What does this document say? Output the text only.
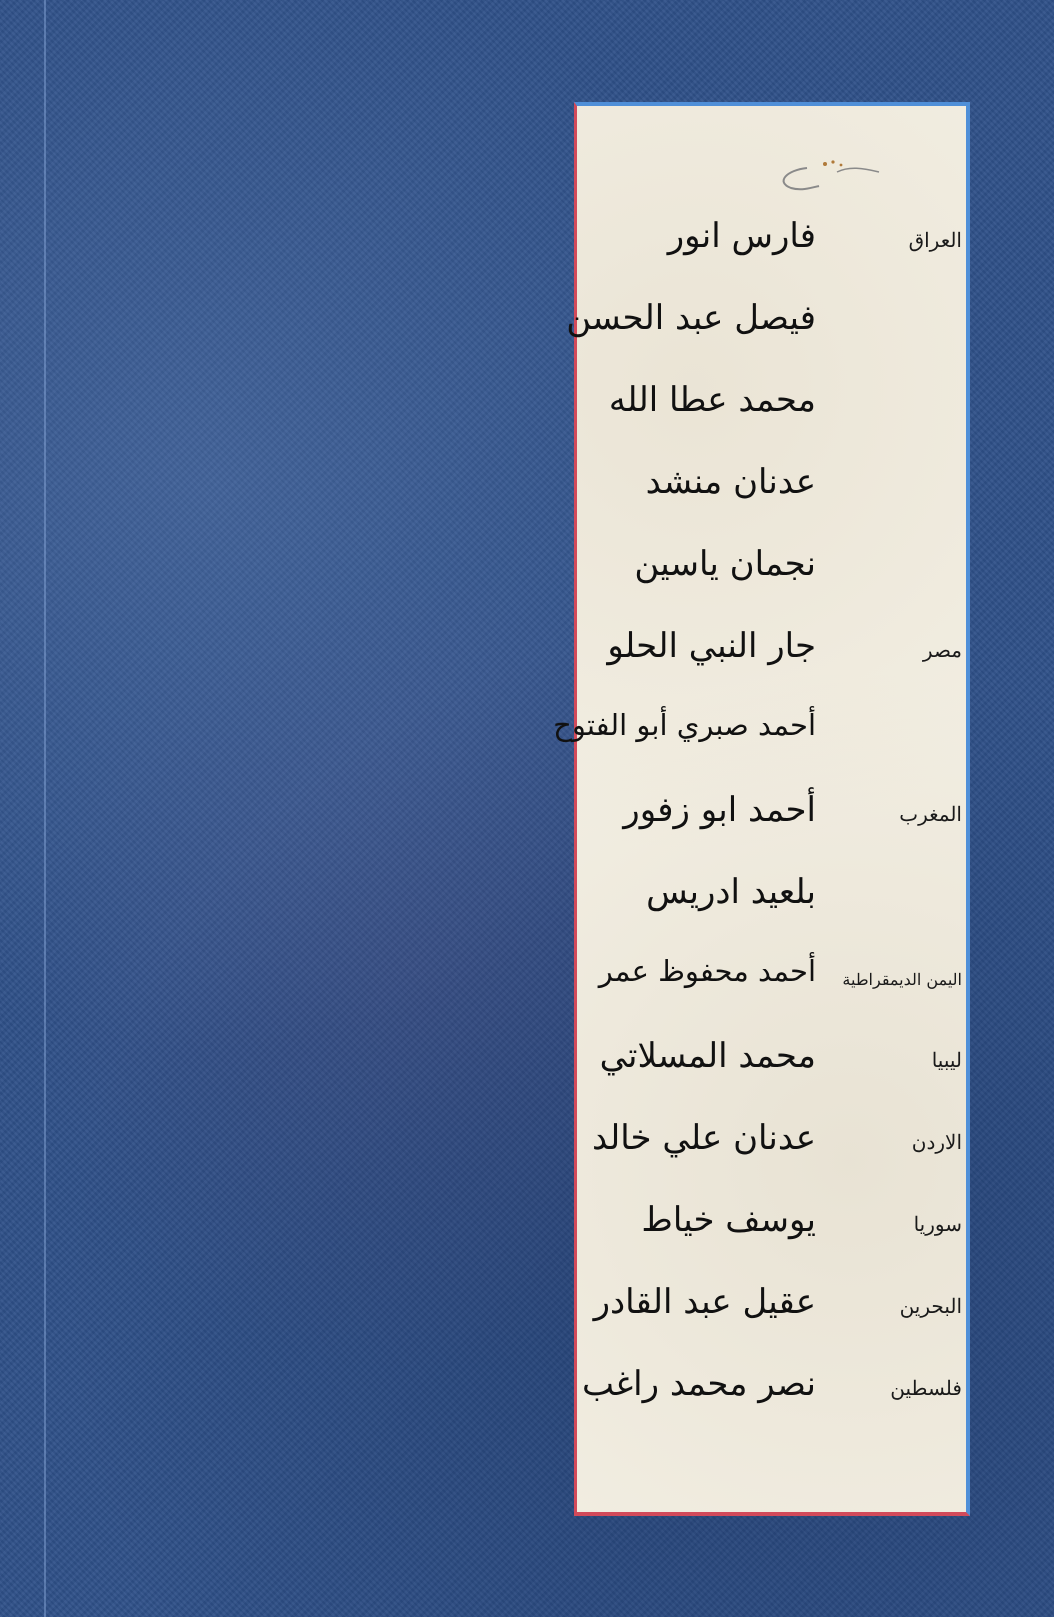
العراق
فارس انور
فيصل عبد الحسن
محمد عطا الله
عدنان منشد
نجمان ياسين
مصر
جار النبي الحلو
أحمد صبري أبو الفتوح
المغرب
أحمد ابو زفور
بلعيد ادريس
اليمن الديمقراطية
أحمد محفوظ عمر
ليبيا
محمد المسلاتي
الاردن
عدنان علي خالد
سوريا
يوسف خياط
البحرين
عقيل عبد القادر
فلسطين
نصر محمد راغب
